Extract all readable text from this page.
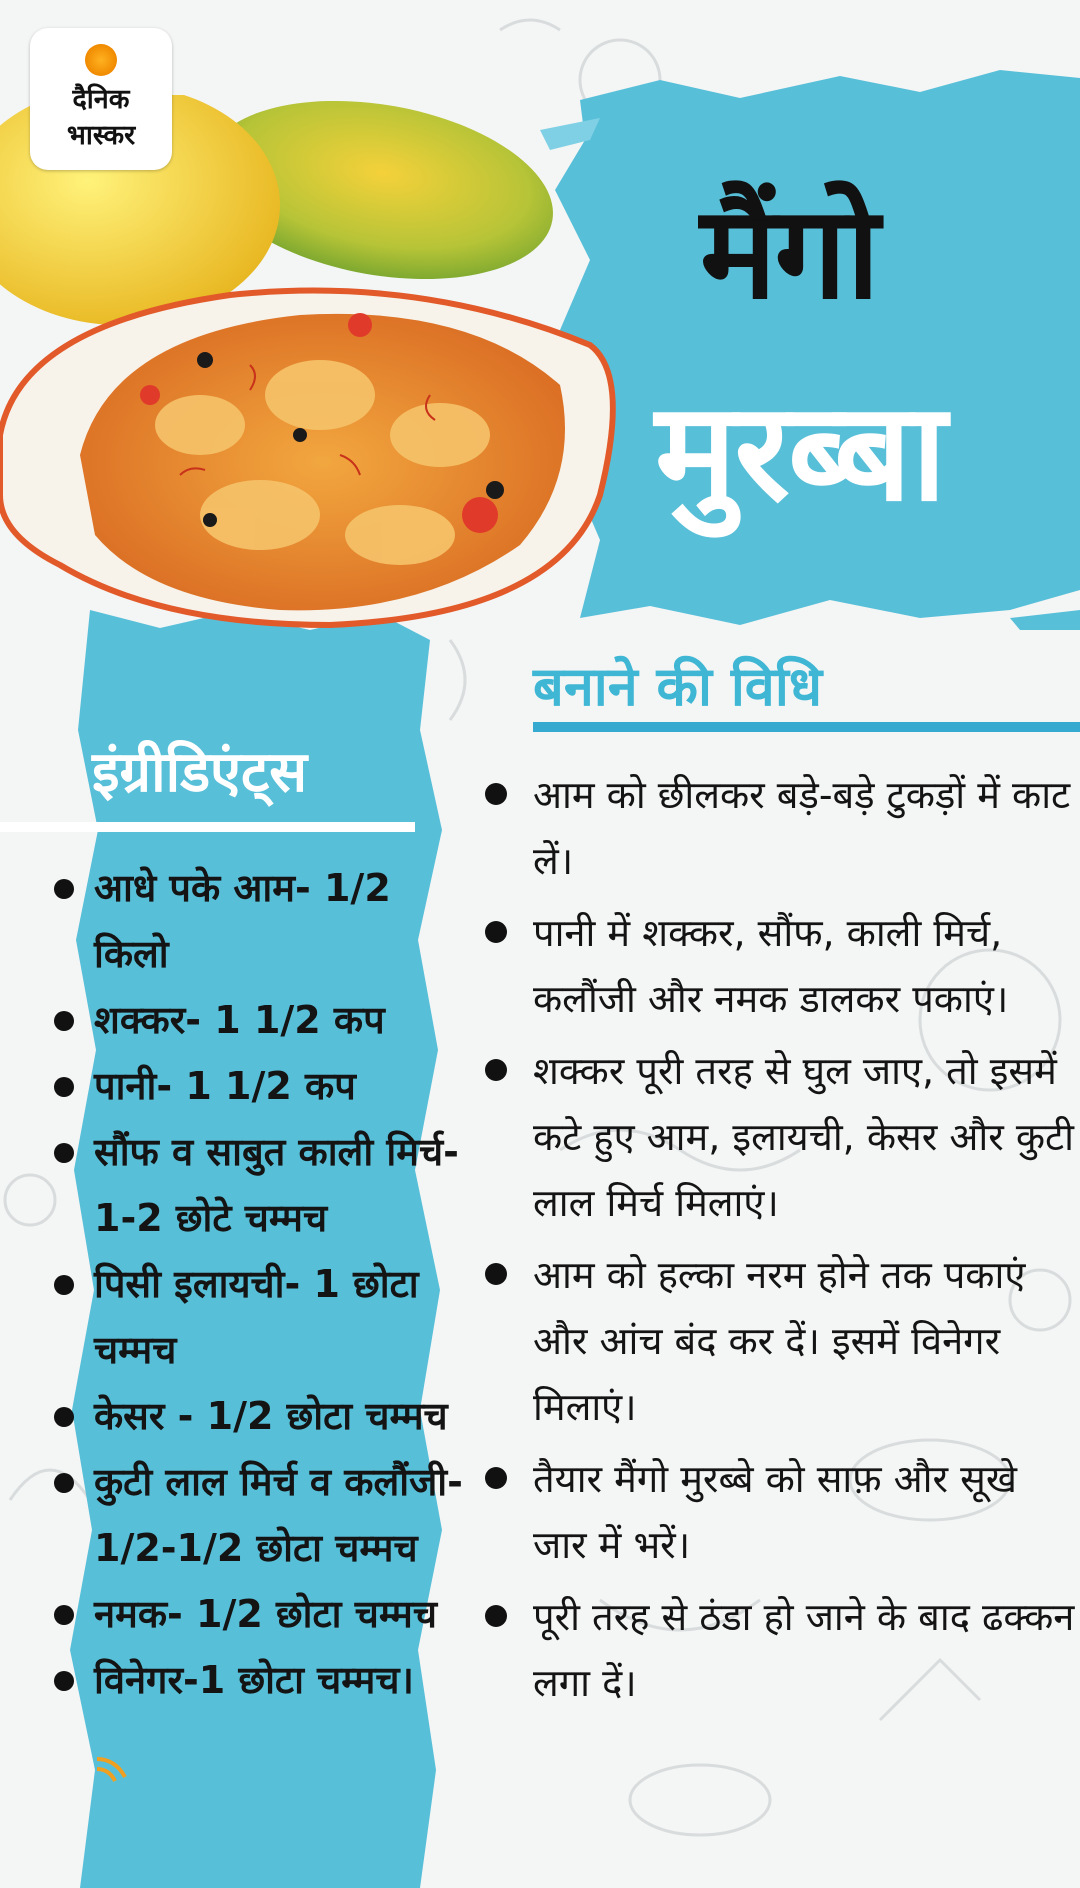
दैनिक
भास्कर
मैंगो
मुरब्बा
बनाने की विधि
आम को छीलकर बड़े-बड़े टुकड़ों में काट लें।
पानी में शक्कर, सौंफ, काली मिर्च, कलौंजी और नमक डालकर पकाएं।
शक्कर पूरी तरह से घुल जाए, तो इसमें कटे हुए आम, इलायची, केसर और कुटी लाल मिर्च मिलाएं।
आम को हल्का नरम होने तक पकाएं और आंच बंद कर दें। इसमें विनेगर मिलाएं।
तैयार मैंगो मुरब्बे को साफ़ और सूखे जार में भरें।
पूरी तरह से ठंडा हो जाने के बाद ढक्कन लगा दें।
इंग्रीडिएंट्स
आधे पके आम- 1/2 किलो
शक्कर- 1 1/2 कप
पानी- 1 1/2 कप
सौंफ व साबुत काली मिर्च- 1-2 छोटे चम्मच
पिसी इलायची- 1 छोटा चम्मच
केसर - 1/2 छोटा चम्मच
कुटी लाल मिर्च व कलौंजी- 1/2-1/2 छोटा चम्मच
नमक- 1/2 छोटा चम्मच
विनेगर-1 छोटा चम्मच।
